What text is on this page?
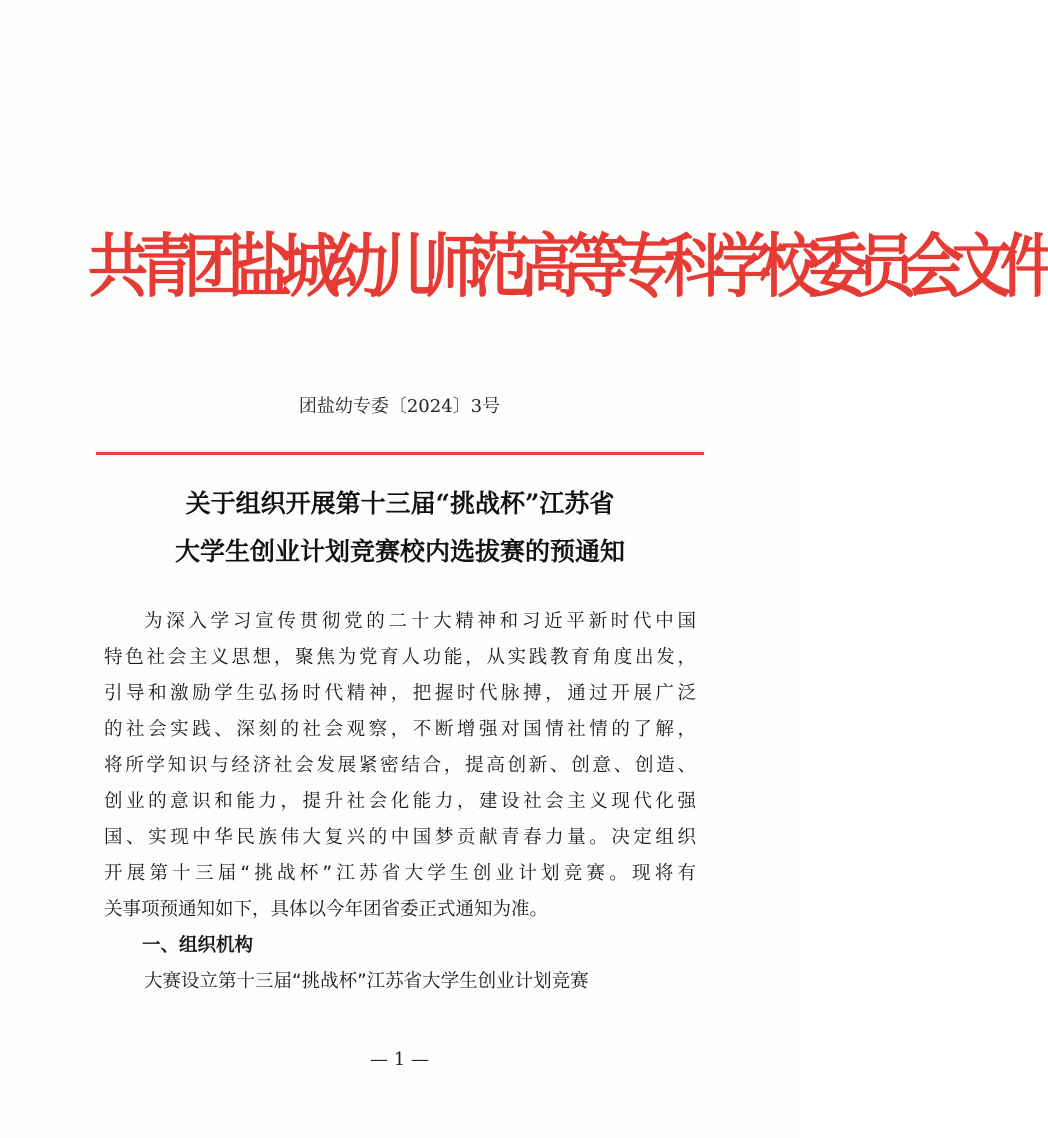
共青团盐城幼儿师范高等专科学校委员会文件
团盐幼专委〔2024〕3号
关于组织开展第十三届“挑战杯”江苏省
大学生创业计划竞赛校内选拔赛的预通知
为深入学习宣传贯彻党的二十大精神和习近平新时代中国
特色社会主义思想，聚焦为党育人功能，从实践教育角度出发，
引导和激励学生弘扬时代精神，把握时代脉搏，通过开展广泛
的社会实践、深刻的社会观察，不断增强对国情社情的了解，
将所学知识与经济社会发展紧密结合，提高创新、创意、创造、
创业的意识和能力，提升社会化能力，建设社会主义现代化强
国、实现中华民族伟大复兴的中国梦贡献青春力量。决定组织
开展第十三届“挑战杯”江苏省大学生创业计划竞赛。现将有
关事项预通知如下，具体以今年团省委正式通知为准。
一、组织机构
大赛设立第十三届“挑战杯”江苏省大学生创业计划竞赛
— 1 —
